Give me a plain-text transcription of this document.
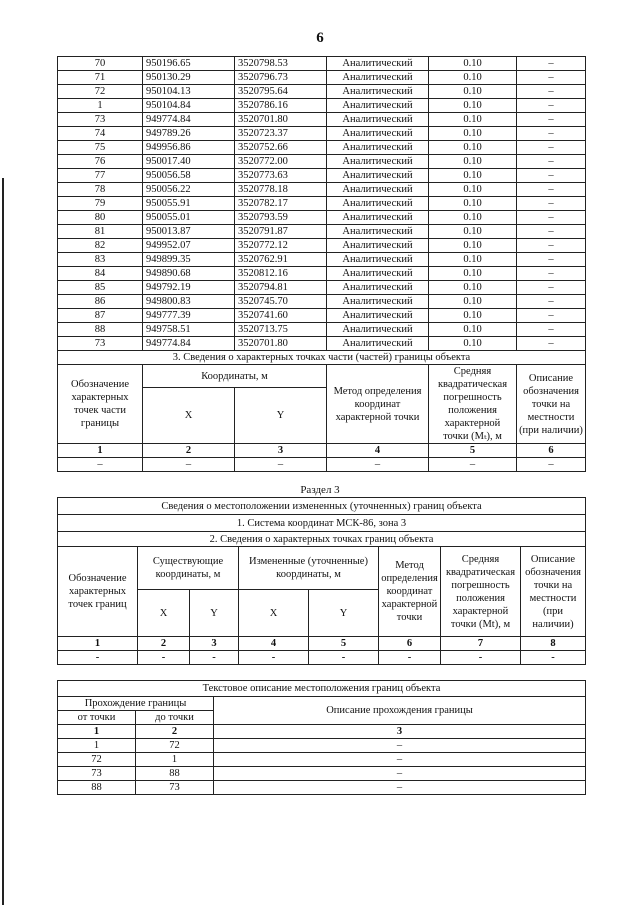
6
70	950196.65	3520798.53	Аналитический	0.10	–
71	950130.29	3520796.73	Аналитический	0.10	–
72	950104.13	3520795.64	Аналитический	0.10	–
1	950104.84	3520786.16	Аналитический	0.10	–
73	949774.84	3520701.80	Аналитический	0.10	–
74	949789.26	3520723.37	Аналитический	0.10	–
75	949956.86	3520752.66	Аналитический	0.10	–
76	950017.40	3520772.00	Аналитический	0.10	–
77	950056.58	3520773.63	Аналитический	0.10	–
78	950056.22	3520778.18	Аналитический	0.10	–
79	950055.91	3520782.17	Аналитический	0.10	–
80	950055.01	3520793.59	Аналитический	0.10	–
81	950013.87	3520791.87	Аналитический	0.10	–
82	949952.07	3520772.12	Аналитический	0.10	–
83	949899.35	3520762.91	Аналитический	0.10	–
84	949890.68	3520812.16	Аналитический	0.10	–
85	949792.19	3520794.81	Аналитический	0.10	–
86	949800.83	3520745.70	Аналитический	0.10	–
87	949777.39	3520741.60	Аналитический	0.10	–
88	949758.51	3520713.75	Аналитический	0.10	–
73	949774.84	3520701.80	Аналитический	0.10	–
3. Сведения о характерных точках части (частей) границы объекта					
Обозначение характерных точек части границы	Координаты, м		Метод определения координат характерной точки	Средняя квадратическая погрешность положения характерной точки (Mₜ), м	Описание обозначения точки на местности (при наличии)
	X	Y			
1	2	3	4	5	6
–	–	–	–	–	–
Раздел 3
Сведения о местоположении измененных (уточненных) границ объекта							
1. Система координат МСК-86, зона 3							
2. Сведения о характерных точках границ объекта							
Обозначение характерных точек границ	Существующие координаты, м		Измененные (уточненные) координаты, м		Метод определения координат характерной точки	Средняя квадратическая погрешность положения характерной точки (Mt), м	Описание обозначения точки на местности (при наличии)
	X	Y	X	Y			
1	2	3	4	5	6	7	8
-	-	-	-	-	-	-	-
Текстовое описание местоположения границ объекта		
Прохождение границы		Описание прохождения границы
от точки	до точки	
1	2	3
1	72	–
72	1	–
73	88	–
88	73	–
